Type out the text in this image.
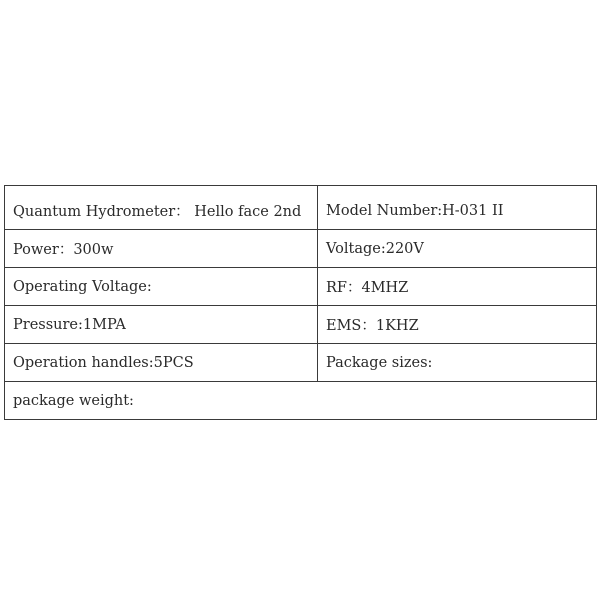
Quantum Hydrometer： Hello face 2nd	Model Number:H-031 II
Power：300w	Voltage:220V
Operating Voltage:	RF：4MHZ
Pressure:1MPA	EMS：1KHZ
Operation handles:5PCS	Package sizes:
package weight:	
